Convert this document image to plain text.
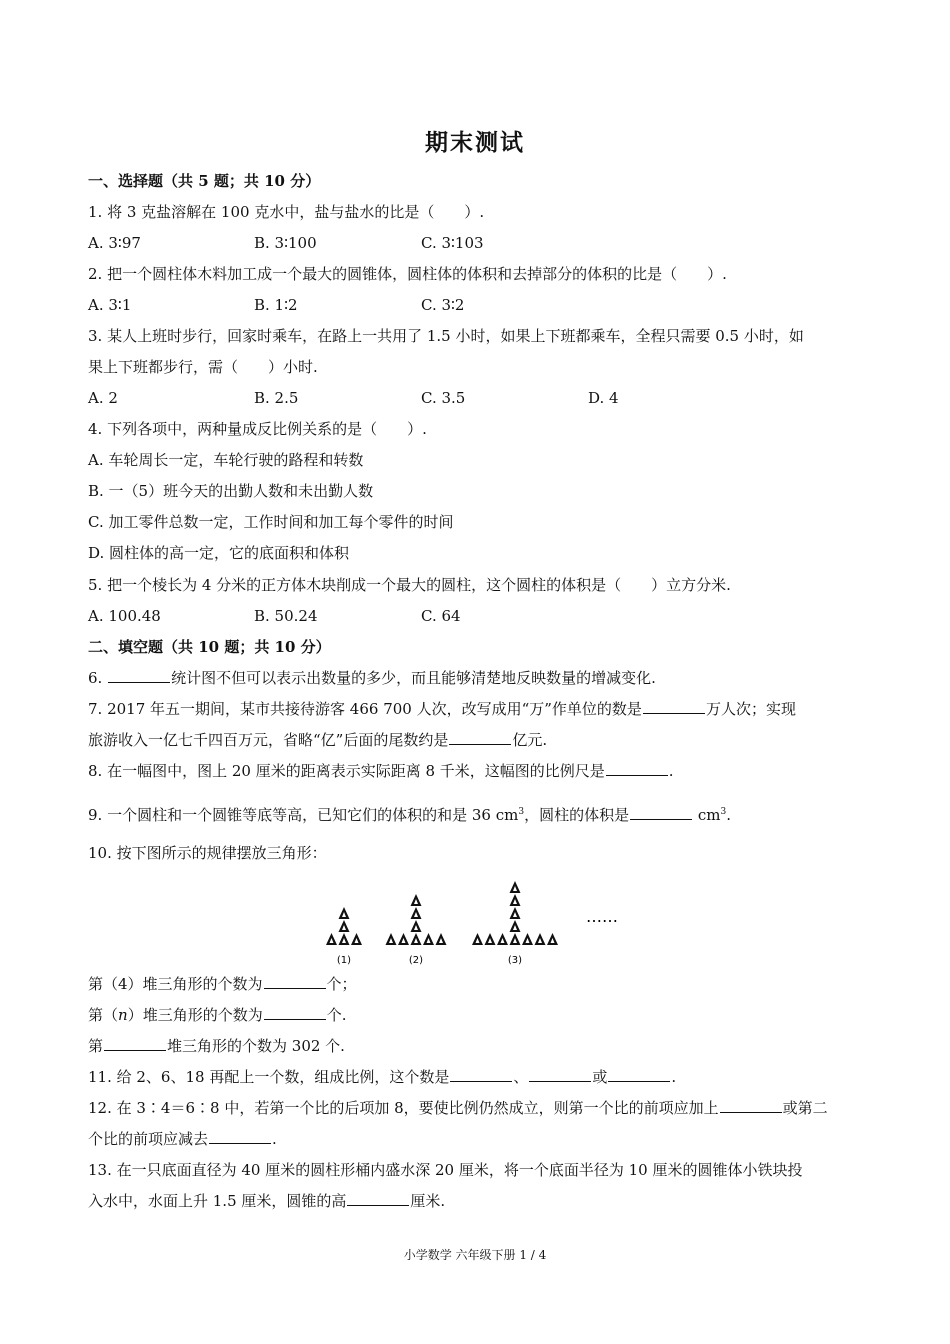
期末测试
一、选择题（共 5 题；共 10 分）
1. 将 3 克盐溶解在 100 克水中，盐与盐水的比是（　　）.
A. 3∶97	B. 3∶100	C. 3∶103
2. 把一个圆柱体木料加工成一个最大的圆锥体，圆柱体的体积和去掉部分的体积的比是（　　）.
A. 3∶1	B. 1∶2	C. 3∶2
3. 某人上班时步行，回家时乘车，在路上一共用了 1.5 小时，如果上下班都乘车，全程只需要 0.5 小时，如
果上下班都步行，需（　　）小时.
A. 2	B. 2.5	C. 3.5	D. 4
4. 下列各项中，两种量成反比例关系的是（　　）.
A. 车轮周长一定，车轮行驶的路程和转数
B. 一（5）班今天的出勤人数和未出勤人数
C. 加工零件总数一定，工作时间和加工每个零件的时间
D. 圆柱体的高一定，它的底面积和体积
5. 把一个棱长为 4 分米的正方体木块削成一个最大的圆柱，这个圆柱的体积是（　　）立方分米.
A. 100.48	B. 50.24	C. 64
二、填空题（共 10 题；共 10 分）
6.	统计图不但可以表示出数量的多少，而且能够清楚地反映数量的增减变化.
7. 2017 年五一期间，某市共接待游客 466 700 人次，改写成用“万”作单位的数是	万人次；实现
旅游收入一亿七千四百万元，省略“亿”后面的尾数约是	亿元.
8. 在一幅图中，图上 20 厘米的距离表示实际距离 8 千米，这幅图的比例尺是	.
9. 一个圆柱和一个圆锥等底等高，已知它们的体积的和是 36 $cm^3$，圆柱的体积是	$cm^3$.
10. 按下图所示的规律摆放三角形：
(1)	(2)	(3)
……
第（4）堆三角形的个数为	个；
第（n）堆三角形的个数为	个.
第	堆三角形的个数为 302 个.
11. 给 2、6、18 再配上一个数，组成比例，这个数是	、	或	.
12. 在 3∶4＝6∶8 中，若第一个比的后项加 8，要使比例仍然成立，则第一个比的前项应加上	或第二
个比的前项应减去	.
13. 在一只底面直径为 40 厘米的圆柱形桶内盛水深 20 厘米，将一个底面半径为 10 厘米的圆锥体小铁块投
入水中，水面上升 1.5 厘米，圆锥的高	厘米.
小学数学 六年级下册 1 / 4
